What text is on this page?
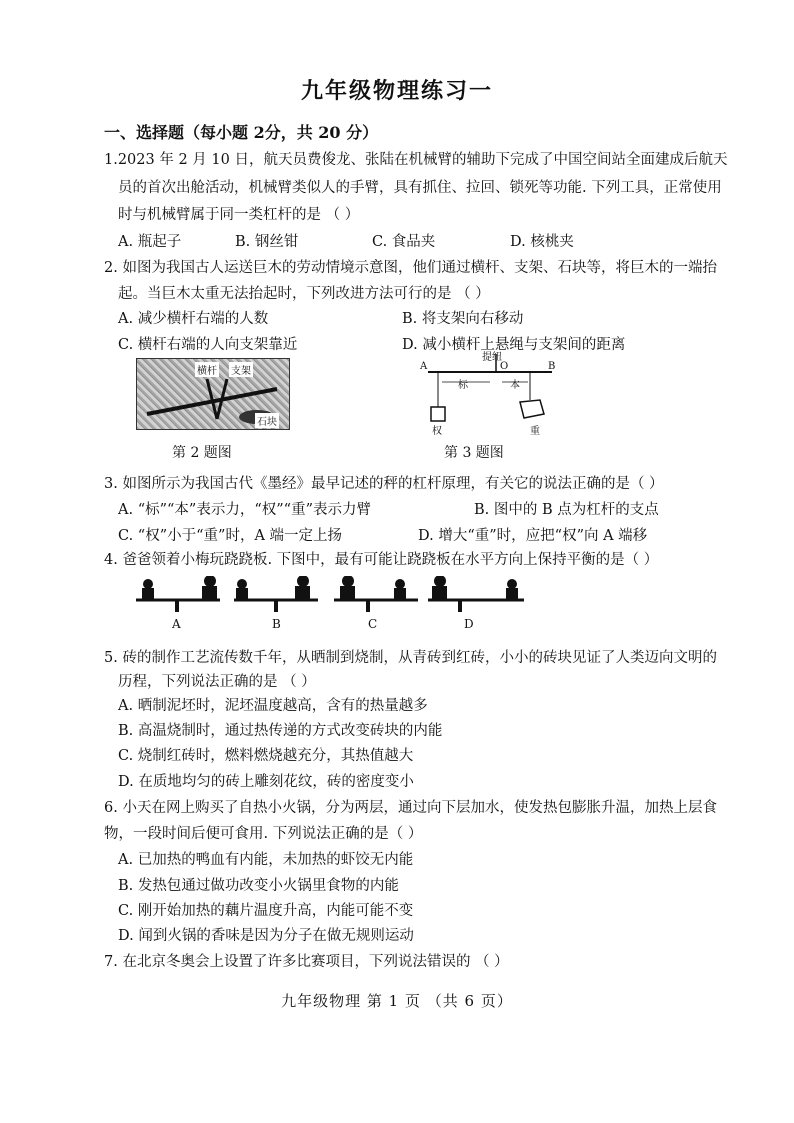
九年级物理练习一
一、选择题（每小题 2分，共 20 分）
1.2023 年 2 月 10 日，航天员费俊龙、张陆在机械臂的辅助下完成了中国空间站全面建成后航天
员的首次出舱活动，机械臂类似人的手臂，具有抓住、拉回、锁死等功能. 下列工具，正常使用
时与机械臂属于同一类杠杆的是 （ ）
A. 瓶起子	B. 钢丝钳	C. 食品夹	D. 核桃夹
2. 如图为我国古人运送巨木的劳动情境示意图，他们通过横杆、支架、石块等，将巨木的一端抬
起。当巨木太重无法抬起时，下列改进方法可行的是 （ ）
A. 减少横杆右端的人数	B. 将支架向右移动
C. 横杆右端的人向支架靠近	D. 减小横杆上悬绳与支架间的距离
横杆 支架
石块
A
提纽
O	B
标	本
权	重
第 2 题图	第 3 题图
3. 如图所示为我国古代《墨经》最早记述的秤的杠杆原理，有关它的说法正确的是（ ）
A. “标”“本”表示力，“权”“重”表示力臂	B. 图中的 B 点为杠杆的支点
C. “权”小于“重”时，A 端一定上扬	D. 增大“重”时，应把“权”向 A 端移
4. 爸爸领着小梅玩跷跷板. 下图中，最有可能让跷跷板在水平方向上保持平衡的是（ ）
A	B	C	D
5. 砖的制作工艺流传数千年，从晒制到烧制，从青砖到红砖，小小的砖块见证了人类迈向文明的
历程，下列说法正确的是 （ ）
A. 晒制泥坯时，泥坯温度越高，含有的热量越多
B. 高温烧制时，通过热传递的方式改变砖块的内能
C. 烧制红砖时，燃料燃烧越充分，其热值越大
D. 在质地均匀的砖上雕刻花纹，砖的密度变小
6. 小天在网上购买了自热小火锅，分为两层，通过向下层加水，使发热包膨胀升温，加热上层食
物，一段时间后便可食用. 下列说法正确的是（ ）
A. 已加热的鸭血有内能，未加热的虾饺无内能
B. 发热包通过做功改变小火锅里食物的内能
C. 刚开始加热的藕片温度升高，内能可能不变
D. 闻到火锅的香味是因为分子在做无规则运动
7. 在北京冬奥会上设置了许多比赛项目，下列说法错误的 （ ）
九年级物理 第 1 页 （共 6 页）
